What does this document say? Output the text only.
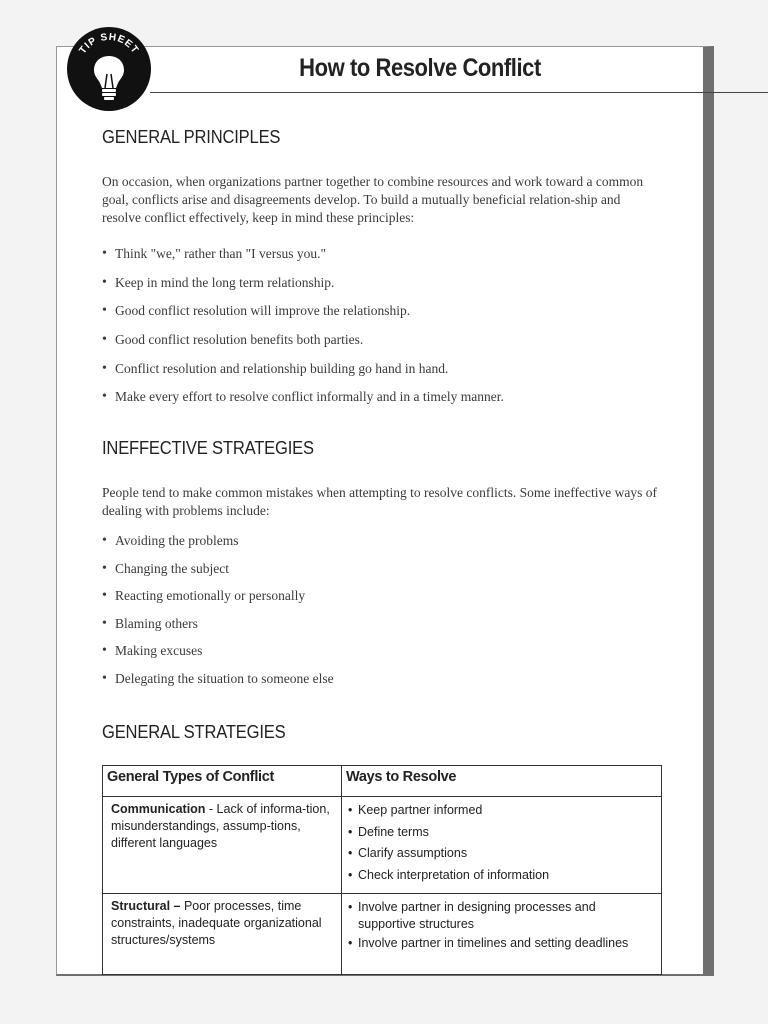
TIP SHEET
How to Resolve Conflict
GENERAL PRINCIPLES
On occasion, when organizations partner together to combine resources and work toward a common goal, conflicts arise and disagreements develop. To build a mutually beneficial relation-ship and resolve conflict effectively, keep in mind these principles:
• Think "we," rather than "I versus you."
• Keep in mind the long term relationship.
• Good conflict resolution will improve the relationship.
• Good conflict resolution benefits both parties.
• Conflict resolution and relationship building go hand in hand.
• Make every effort to resolve conflict informally and in a timely manner.
INEFFECTIVE STRATEGIES
People tend to make common mistakes when attempting to resolve conflicts. Some ineffective ways of dealing with problems include:
• Avoiding the problems
• Changing the subject
• Reacting emotionally or personally
• Blaming others
• Making excuses
• Delegating the situation to someone else
GENERAL STRATEGIES
General Types of Conflict	Ways to Resolve
Communication - Lack of informa-tion, misunderstandings, assump-tions, different languages	• Keep partner informed
• Define terms
• Clarify assumptions
• Check interpretation of information

Structural – Poor processes, time constraints, inadequate organizational structures/systems	• Involve partner in designing processes and supportive structures
• Involve partner in timelines and setting deadlines
